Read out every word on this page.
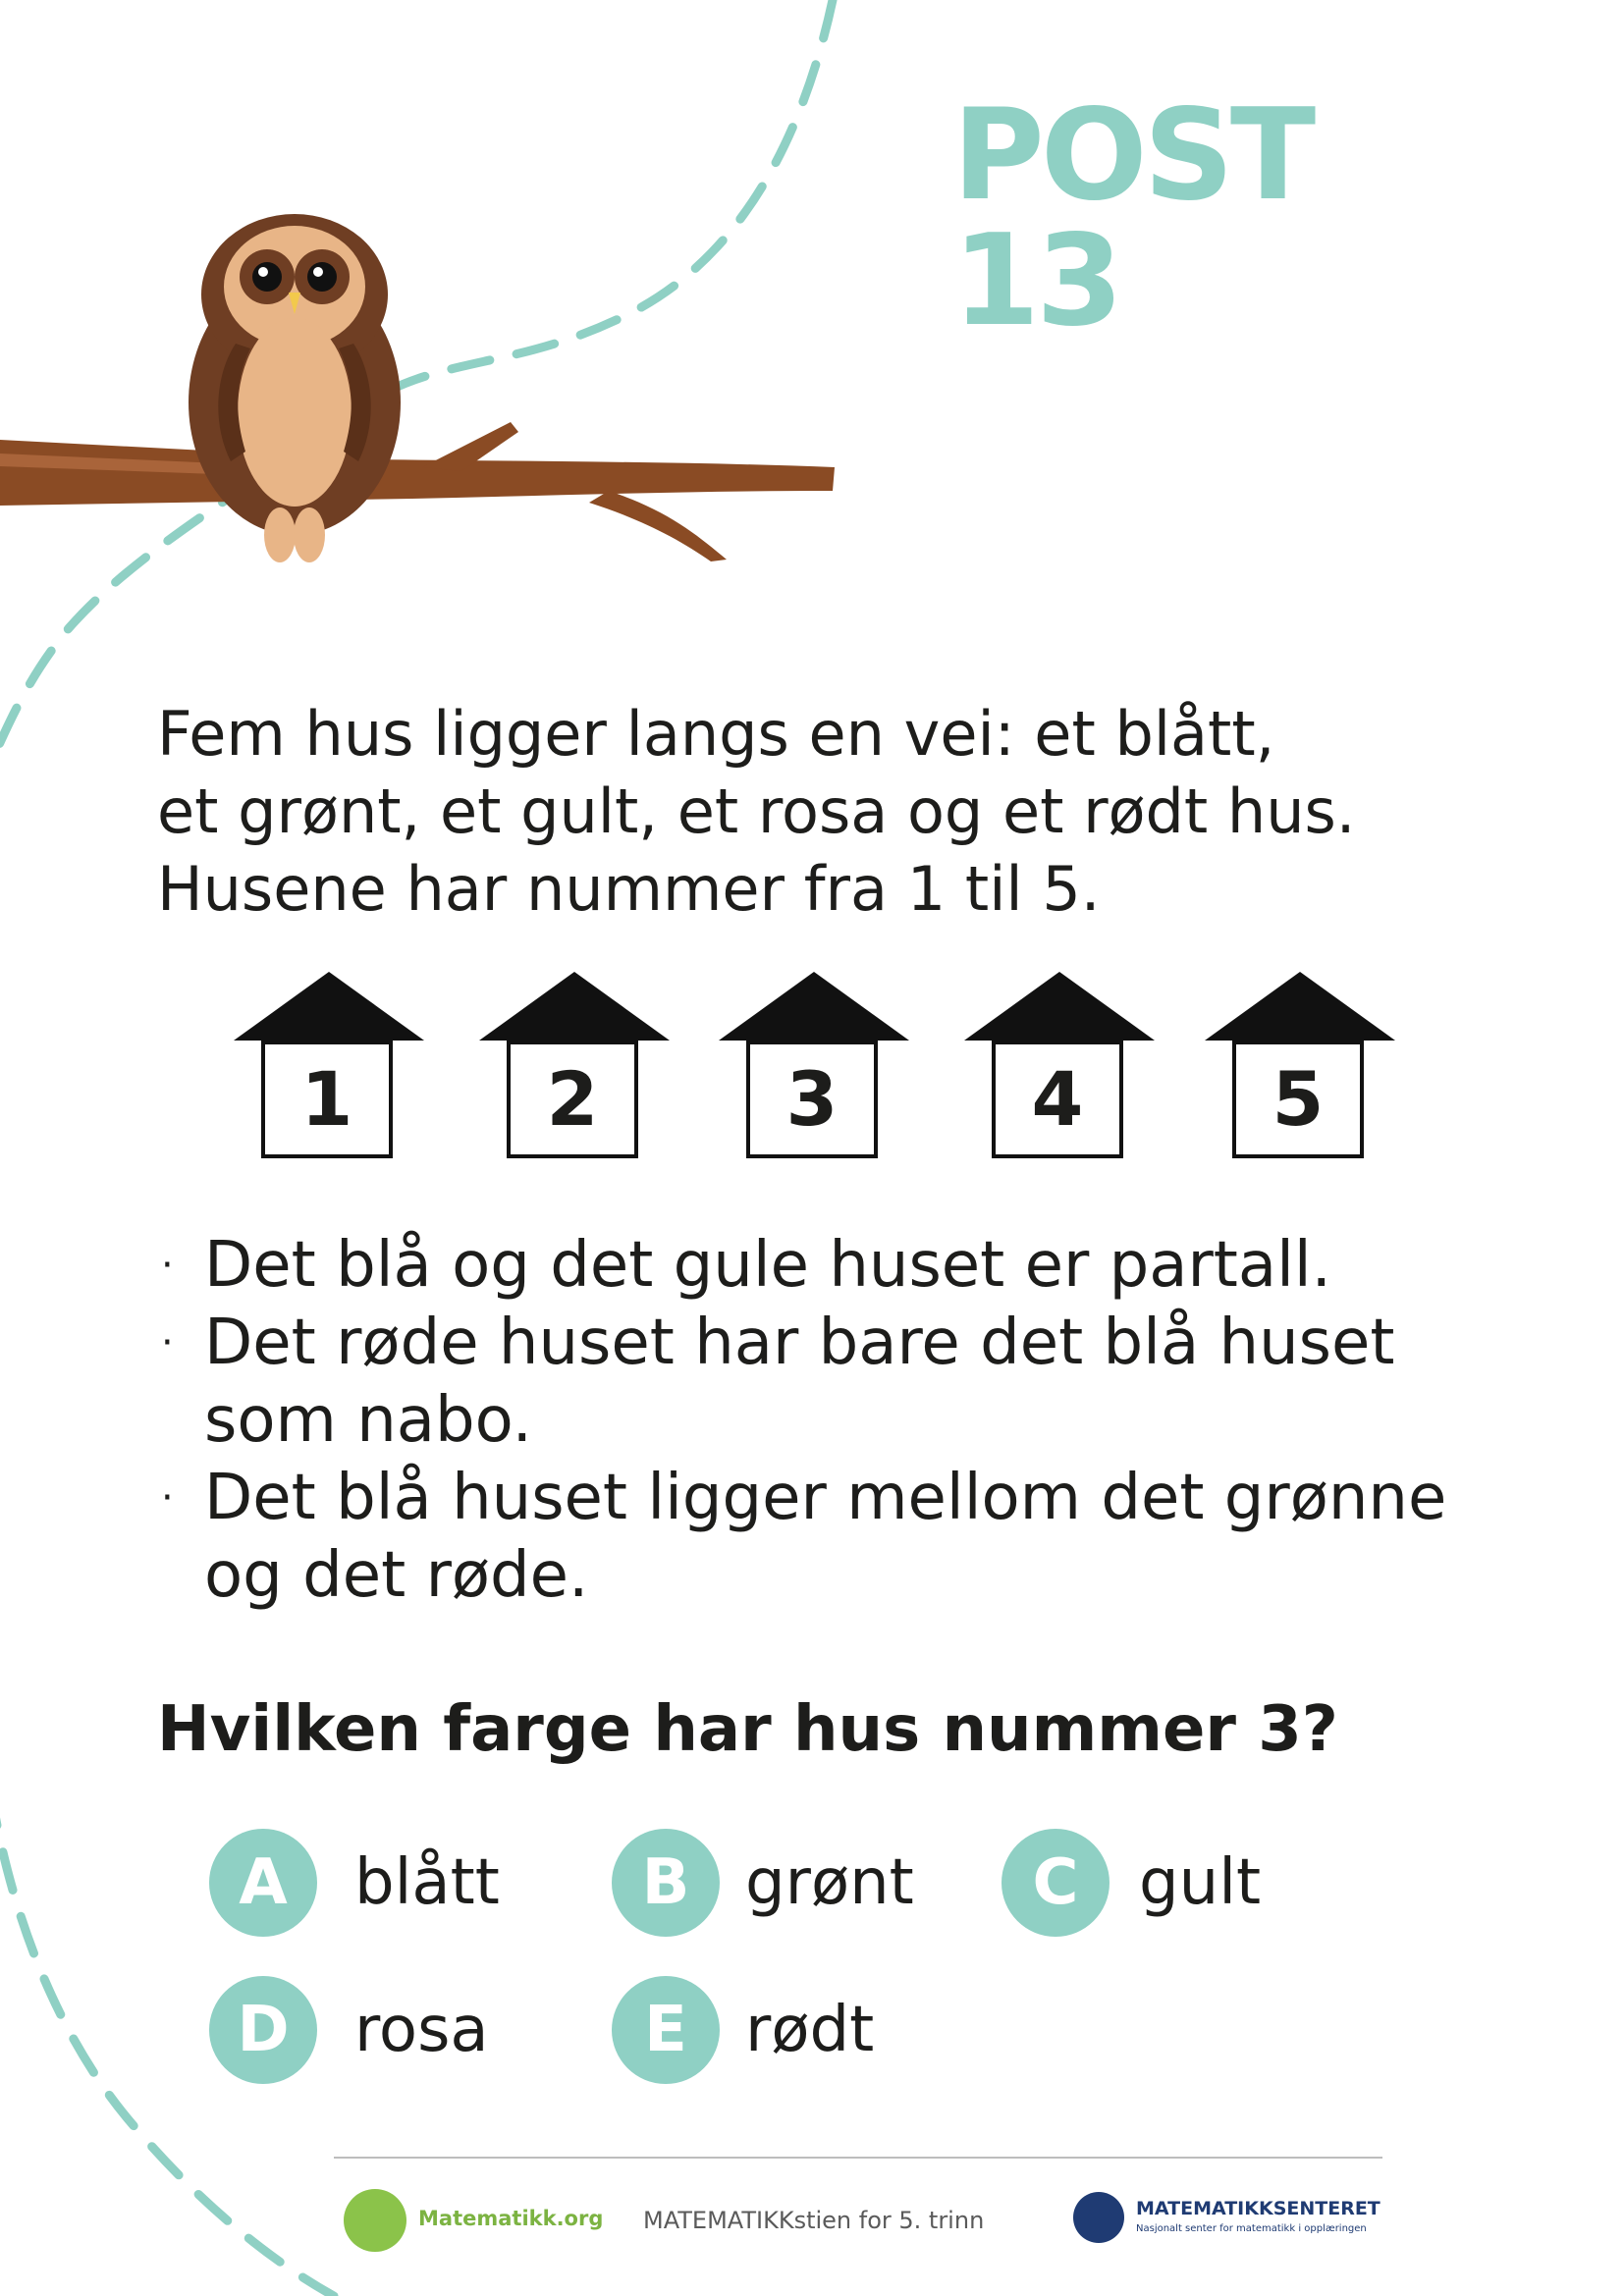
POST 13
Fem hus ligger langs en vei: et blått,
et grønt, et gult, et rosa og et rødt hus.
Husene har nummer fra 1 til 5.
1	2	3	4	5
· Det blå og det gule huset er partall.
· Det røde huset har bare det blå huset
som nabo.
· Det blå huset ligger mellom det grønne
og det røde.
Hvilken farge har hus nummer 3?
A	blått	B grønt	C gult
D	rosa	E rødt
Matematikk.org MATEMATIKKstien for 5. trinn	MATEMATIKKSENTERET
Nasjonalt senter for matematikk i opplæringen
